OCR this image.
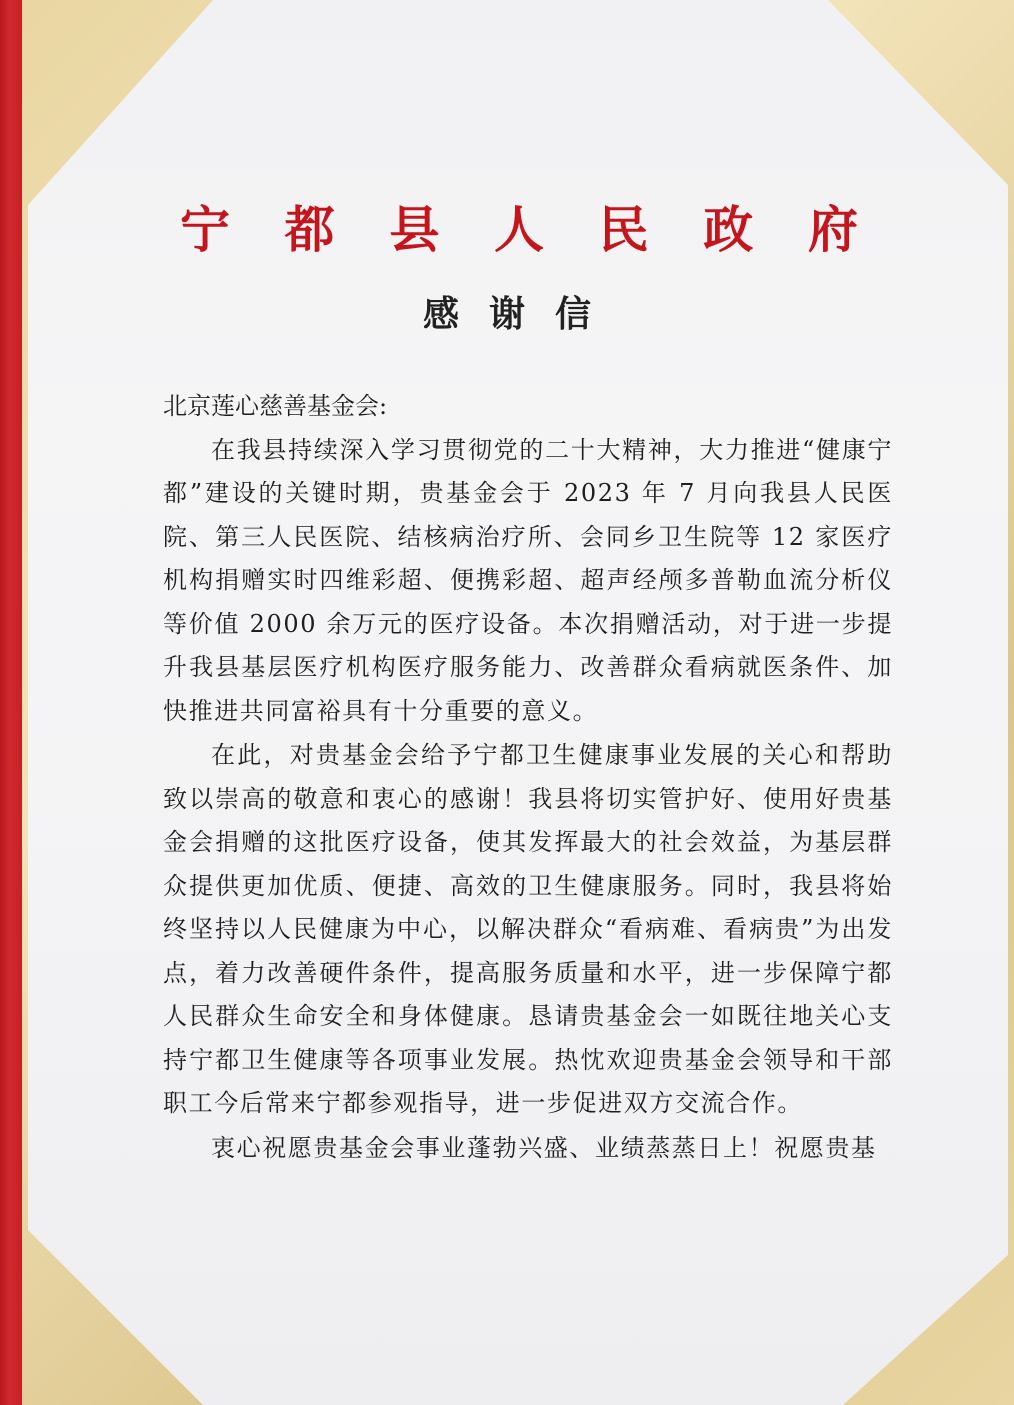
宁 都 县 人 民 政 府
感谢信

北京莲心慈善基金会:

在我县持续深入学习贯彻党的二十大精神，大力推进“健康宁都”建设的关键时期，贵基金会于 2023 年 7 月向我县人民医院、第三人民医院、结核病治疗所、会同乡卫生院等 12 家医疗机构捐赠实时四维彩超、便携彩超、超声经颅多普勒血流分析仪等价值 2000 余万元的医疗设备。本次捐赠活动，对于进一步提升我县基层医疗机构医疗服务能力、改善群众看病就医条件、加快推进共同富裕具有十分重要的意义。

在此，对贵基金会给予宁都卫生健康事业发展的关心和帮助致以崇高的敬意和衷心的感谢！我县将切实管护好、使用好贵基金会捐赠的这批医疗设备，使其发挥最大的社会效益，为基层群众提供更加优质、便捷、高效的卫生健康服务。同时，我县将始终坚持以人民健康为中心，以解决群众“看病难、看病贵”为出发点，着力改善硬件条件，提高服务质量和水平，进一步保障宁都人民群众生命安全和身体健康。恳请贵基金会一如既往地关心支持宁都卫生健康等各项事业发展。热忱欢迎贵基金会领导和干部职工今后常来宁都参观指导，进一步促进双方交流合作。

衷心祝愿贵基金会事业蓬勃兴盛、业绩蒸蒸日上！祝愿贵基
